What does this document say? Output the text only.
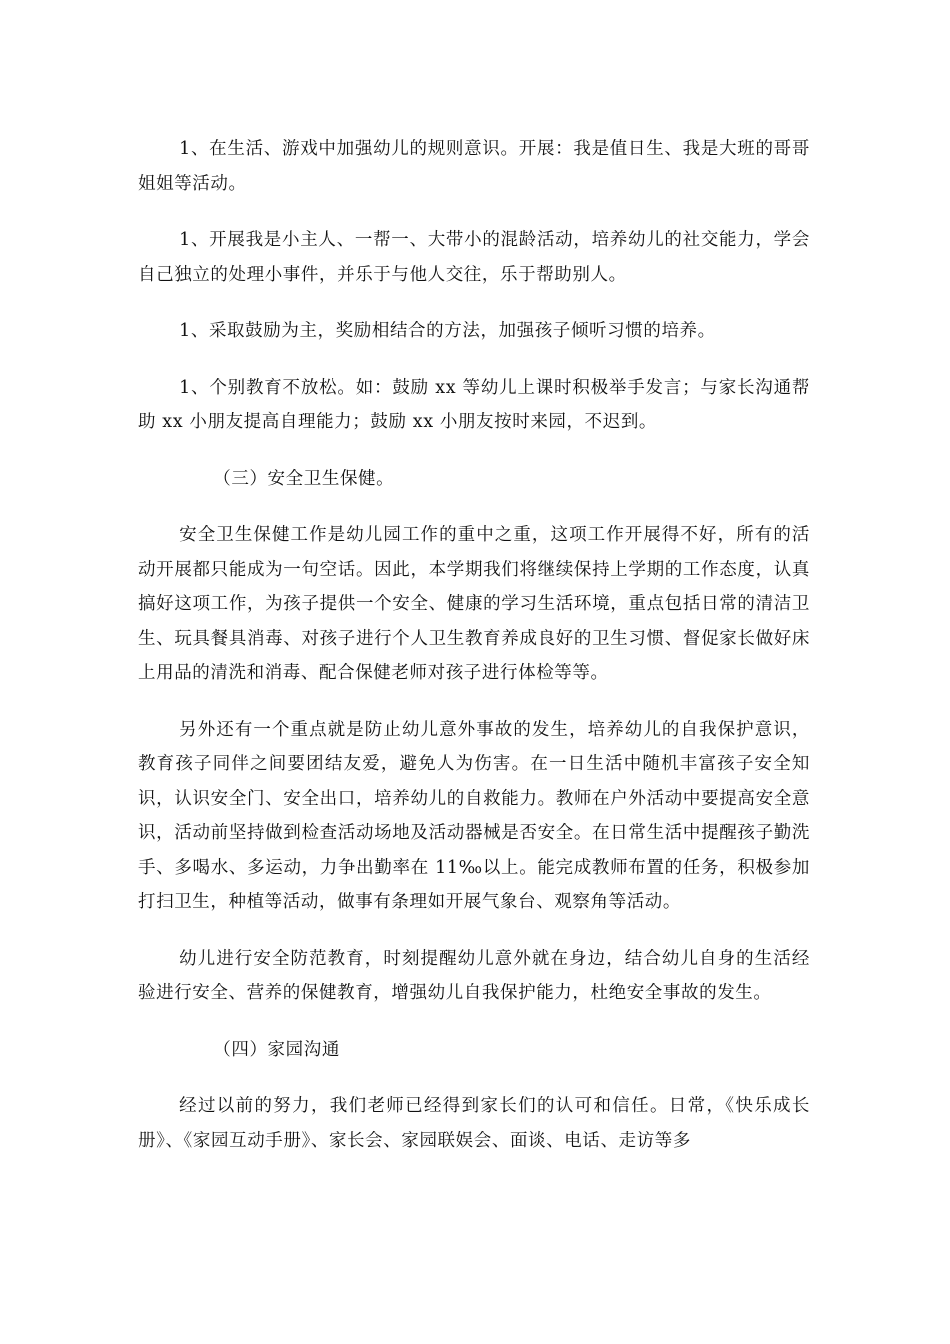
1、在生活、游戏中加强幼儿的规则意识。开展：我是值日生、我是大班的哥哥姐姐等活动。

1、开展我是小主人、一帮一、大带小的混龄活动，培养幼儿的社交能力，学会自己独立的处理小事件，并乐于与他人交往，乐于帮助别人。

1、采取鼓励为主，奖励相结合的方法，加强孩子倾听习惯的培养。

1、个别教育不放松。如：鼓励 xx 等幼儿上课时积极举手发言；与家长沟通帮助 xx 小朋友提高自理能力；鼓励 xx 小朋友按时来园，不迟到。

（三）安全卫生保健。

安全卫生保健工作是幼儿园工作的重中之重，这项工作开展得不好，所有的活动开展都只能成为一句空话。因此，本学期我们将继续保持上学期的工作态度，认真搞好这项工作，为孩子提供一个安全、健康的学习生活环境，重点包括日常的清洁卫生、玩具餐具消毒、对孩子进行个人卫生教育养成良好的卫生习惯、督促家长做好床上用品的清洗和消毒、配合保健老师对孩子进行体检等等。

另外还有一个重点就是防止幼儿意外事故的发生，培养幼儿的自我保护意识，教育孩子同伴之间要团结友爱，避免人为伤害。在一日生活中随机丰富孩子安全知识，认识安全门、安全出口，培养幼儿的自救能力。教师在户外活动中要提高安全意识，活动前坚持做到检查活动场地及活动器械是否安全。在日常生活中提醒孩子勤洗手、多喝水、多运动，力争出勤率在 11‰以上。能完成教师布置的任务，积极参加打扫卫生，种植等活动，做事有条理如开展气象台、观察角等活动。

幼儿进行安全防范教育，时刻提醒幼儿意外就在身边，结合幼儿自身的生活经验进行安全、营养的保健教育，增强幼儿自我保护能力，杜绝安全事故的发生。

（四）家园沟通

经过以前的努力，我们老师已经得到家长们的认可和信任。日常，《快乐成长册》、《家园互动手册》、家长会、家园联娱会、面谈、电话、走访等多
